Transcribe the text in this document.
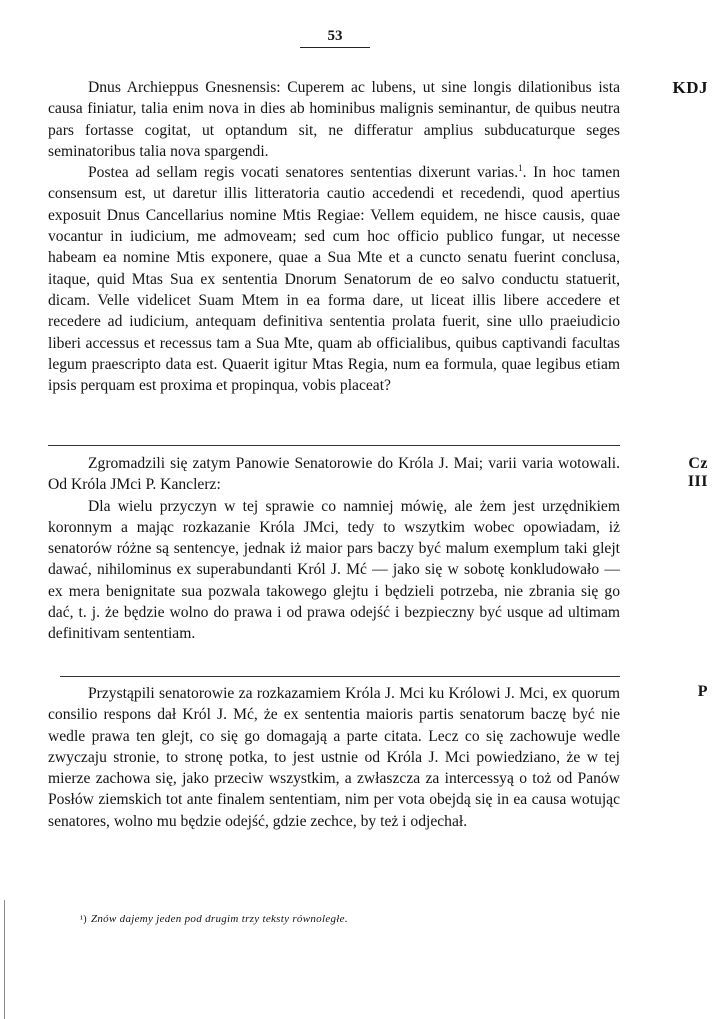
53
KDJ
Cz
III
P

Dnus Archieppus Gnesnensis: Cuperem ac lubens, ut sine longis dilationibus ista causa finiatur, talia enim nova in dies ab hominibus malignis seminantur, de quibus neutra pars fortasse cogitat, ut optandum sit, ne differatur amplius subducaturque seges seminatoribus talia nova spargendi.

Postea ad sellam regis vocati senatores sententias dixerunt varias.$^1$. In hoc tamen consensum est, ut daretur illis litteratoria cautio accedendi et recedendi, quod apertius exposuit Dnus Cancellarius nomine Mtis Regiae: Vellem equidem, ne hisce causis, quae vocantur in iudicium, me admoveam; sed cum hoc officio publico fungar, ut necesse habeam ea nomine Mtis exponere, quae a Sua Mte et a cuncto senatu fuerint conclusa, itaque, quid Mtas Sua ex sententia Dnorum Senatorum de eo salvo conductu statuerit, dicam. Velle videlicet Suam Mtem in ea forma dare, ut liceat illis libere accedere et recedere ad iudicium, antequam definitiva sententia prolata fuerit, sine ullo praeiudicio liberi accessus et recessus tam a Sua Mte, quam ab officialibus, quibus captivandi facultas legum praescripto data est. Quaerit igitur Mtas Regia, num ea formula, quae legibus etiam ipsis perquam est proxima et propinqua, vobis placeat?

Zgromadzili się zatym Panowie Senatorowie do Króla J. Mai; varii varia wotowali. Od Króla JMci P. Kanclerz:

Dla wielu przyczyn w tej sprawie co namniej mówię, ale żem jest urzędnikiem koronnym a mając rozkazanie Króla JMci, tedy to wszytkim wobec opowiadam, iż senatorów różne są sentencye, jednak iż maior pars baczy być malum exemplum taki glejt dawać, nihilominus ex superabundanti Król J. Mć — jako się w sobotę konkludowało — ex mera benignitate sua pozwala takowego glejtu i będzieli potrzeba, nie zbrania się go dać, t. j. że będzie wolno do prawa i od prawa odejść i bezpieczny być usque ad ultimam definitivam sententiam.

Przystąpili senatorowie za rozkazamiem Króla J. Mci ku Królowi J. Mci, ex quorum consilio respons dał Król J. Mć, że ex sententia maioris partis senatorum baczę być nie wedle prawa ten glejt, co się go domagają a parte citata. Lecz co się zachowuje wedle zwyczaju stronie, to stronę potka, to jest ustnie od Króla J. Mci powiedziano, że w tej mierze zachowa się, jako przeciw wszystkim, a zwłaszcza za intercessyą o toż od Panów Posłów ziemskich tot ante finalem sententiam, nim per vota obejdą się in ea causa wotując senatores, wolno mu będzie odejść, gdzie zechce, by też i odjechał.

¹) Znów dajemy jeden pod drugim trzy teksty równoległe.
